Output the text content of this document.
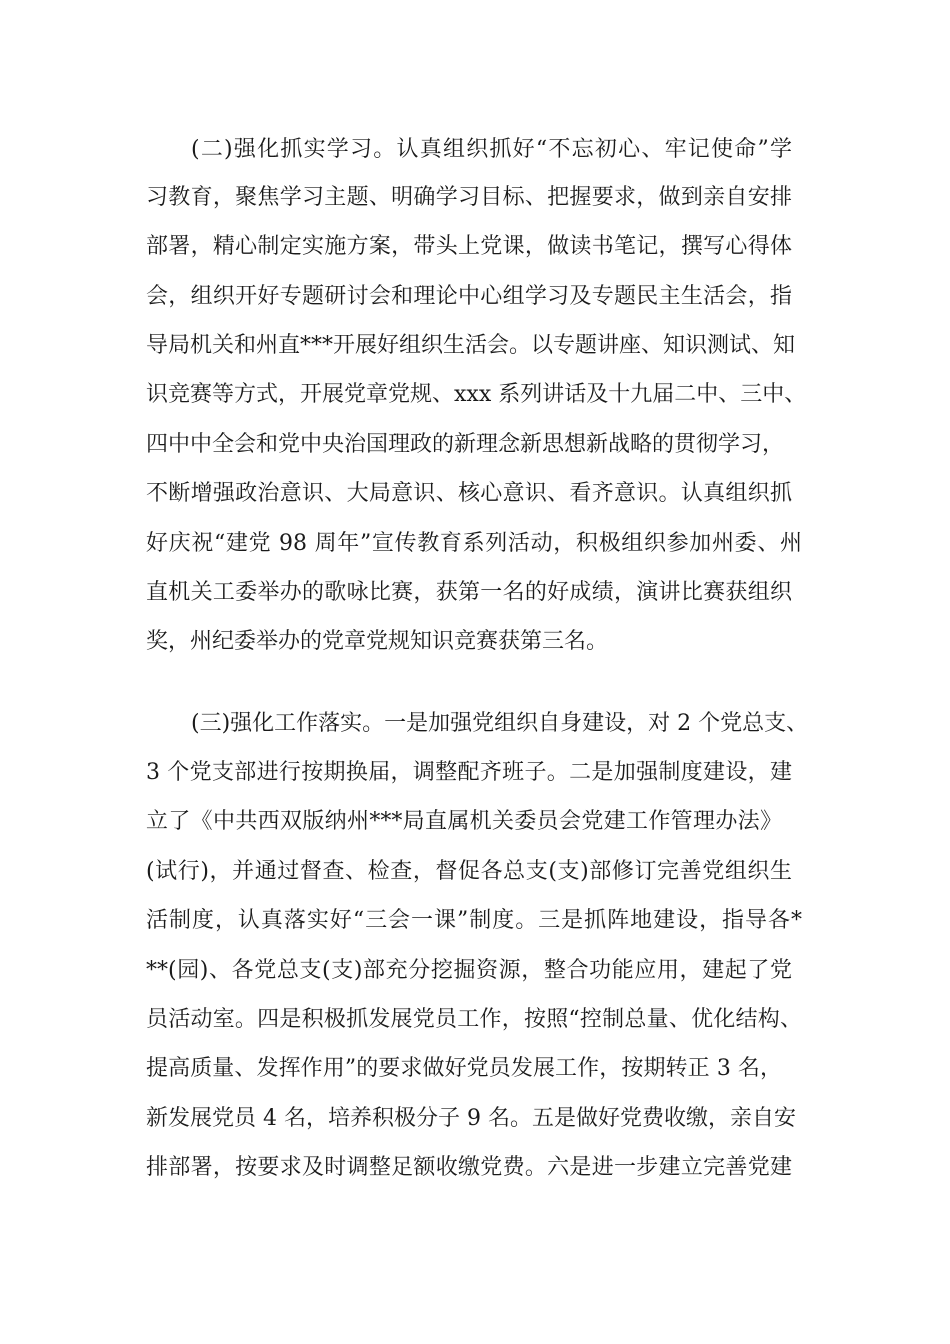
(二)强化抓实学习。认真组织抓好“不忘初心、牢记使命”学
习教育，聚焦学习主题、明确学习目标、把握要求，做到亲自安排
部署，精心制定实施方案，带头上党课，做读书笔记，撰写心得体
会，组织开好专题研讨会和理论中心组学习及专题民主生活会，指
导局机关和州直***开展好组织生活会。以专题讲座、知识测试、知
识竞赛等方式，开展党章党规、xxx 系列讲话及十九届二中、三中、
四中中全会和党中央治国理政的新理念新思想新战略的贯彻学习，
不断增强政治意识、大局意识、核心意识、看齐意识。认真组织抓
好庆祝“建党 98 周年”宣传教育系列活动，积极组织参加州委、州
直机关工委举办的歌咏比赛，获第一名的好成绩，演讲比赛获组织
奖，州纪委举办的党章党规知识竞赛获第三名。
(三)强化工作落实。一是加强党组织自身建设，对 2 个党总支、
3 个党支部进行按期换届，调整配齐班子。二是加强制度建设，建
立了《中共西双版纳州***局直属机关委员会党建工作管理办法》
(试行)，并通过督查、检查，督促各总支(支)部修订完善党组织生
活制度，认真落实好“三会一课”制度。三是抓阵地建设，指导各*
**(园)、各党总支(支)部充分挖掘资源，整合功能应用，建起了党
员活动室。四是积极抓发展党员工作，按照“控制总量、优化结构、
提高质量、发挥作用”的要求做好党员发展工作，按期转正 3 名，
新发展党员 4 名，培养积极分子 9 名。五是做好党费收缴，亲自安
排部署，按要求及时调整足额收缴党费。六是进一步建立完善党建
